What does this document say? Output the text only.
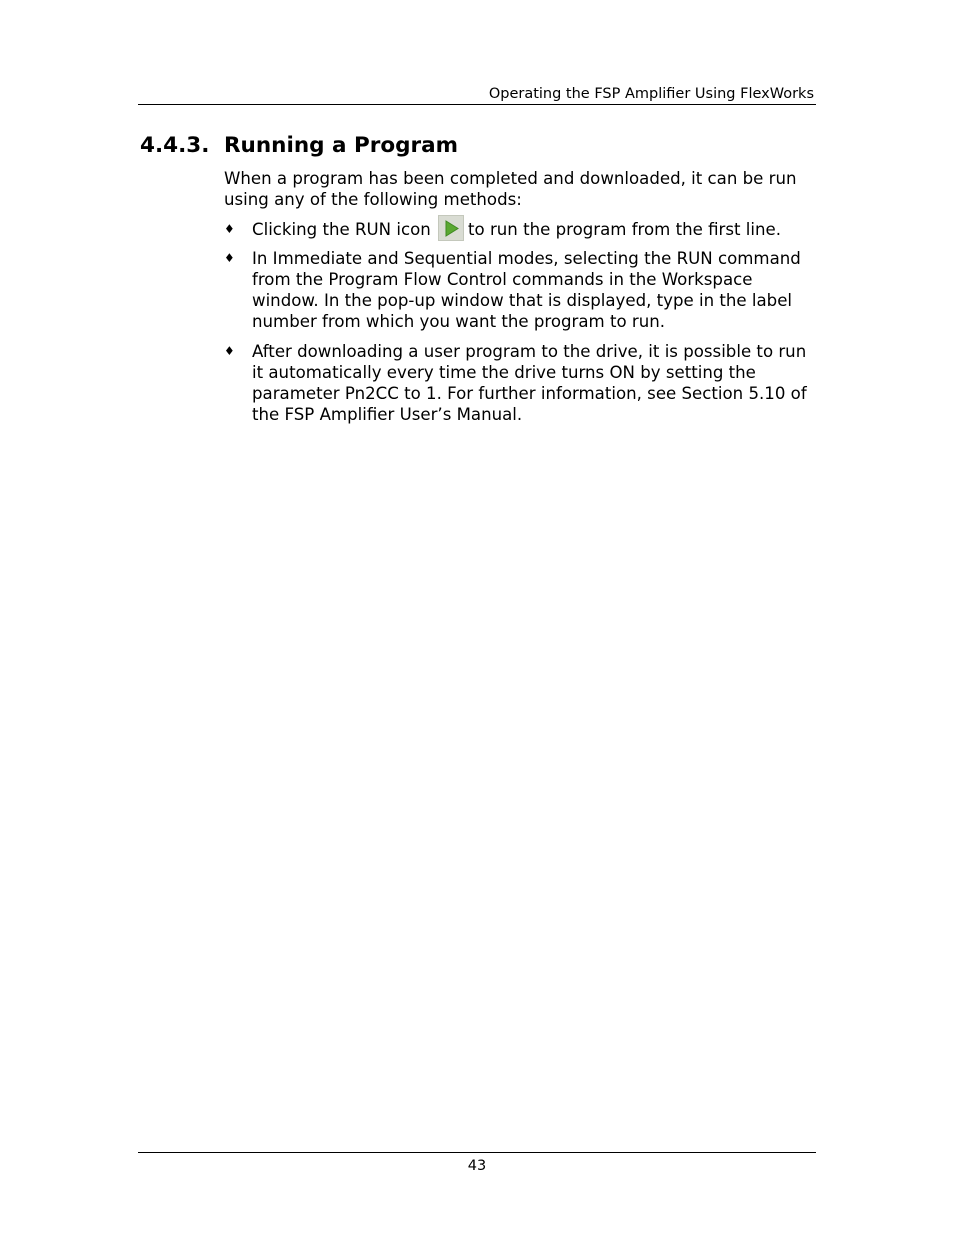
Operating the FSP Amplifier Using FlexWorks
4.4.3. Running a Program

When a program has been completed and downloaded, it can be run using any of the following methods:

♦ Clicking the RUN icon to run the program from the first line.
♦ In Immediate and Sequential modes, selecting the RUN command from the Program Flow Control commands in the Workspace window. In the pop-up window that is displayed, type in the label number from which you want the program to run.
♦ After downloading a user program to the drive, it is possible to run it automatically every time the drive turns ON by setting the parameter Pn2CC to 1. For further information, see Section 5.10 of the FSP Amplifier User’s Manual.
43
